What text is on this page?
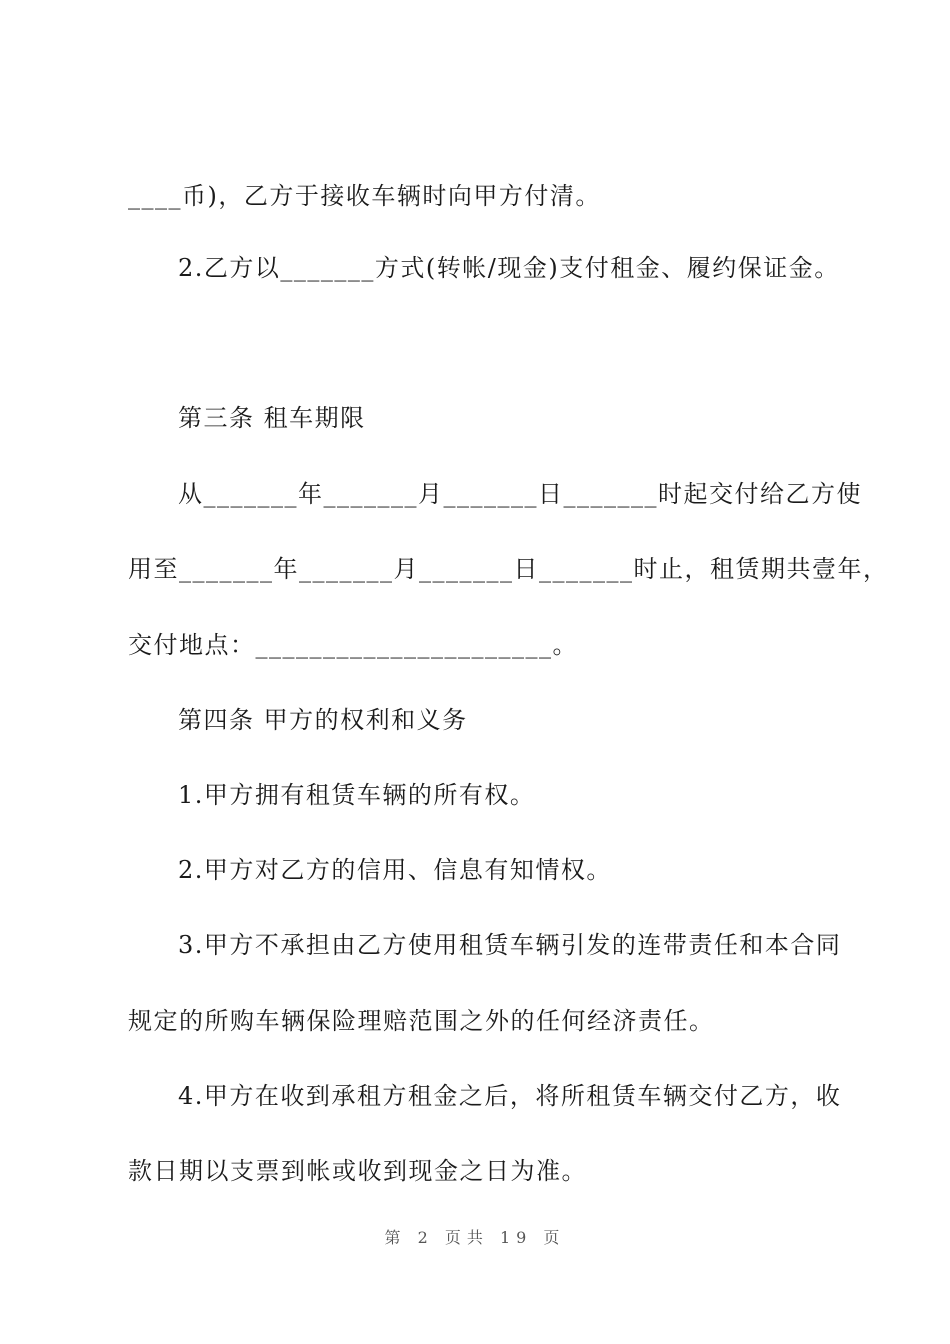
____币)，乙方于接收车辆时向甲方付清。

2.乙方以_______方式(转帐/现金)支付租金、履约保证金。

第三条 租车期限

从_______年_______月_______日_______时起交付给乙方使

用至_______年_______月_______日_______时止，租赁期共壹年，

交付地点：______________________。

第四条 甲方的权利和义务

1.甲方拥有租赁车辆的所有权。

2.甲方对乙方的信用、信息有知情权。

3.甲方不承担由乙方使用租赁车辆引发的连带责任和本合同

规定的所购车辆保险理赔范围之外的任何经济责任。

4.甲方在收到承租方租金之后，将所租赁车辆交付乙方，收

款日期以支票到帐或收到现金之日为准。

第 2 页共 19 页
